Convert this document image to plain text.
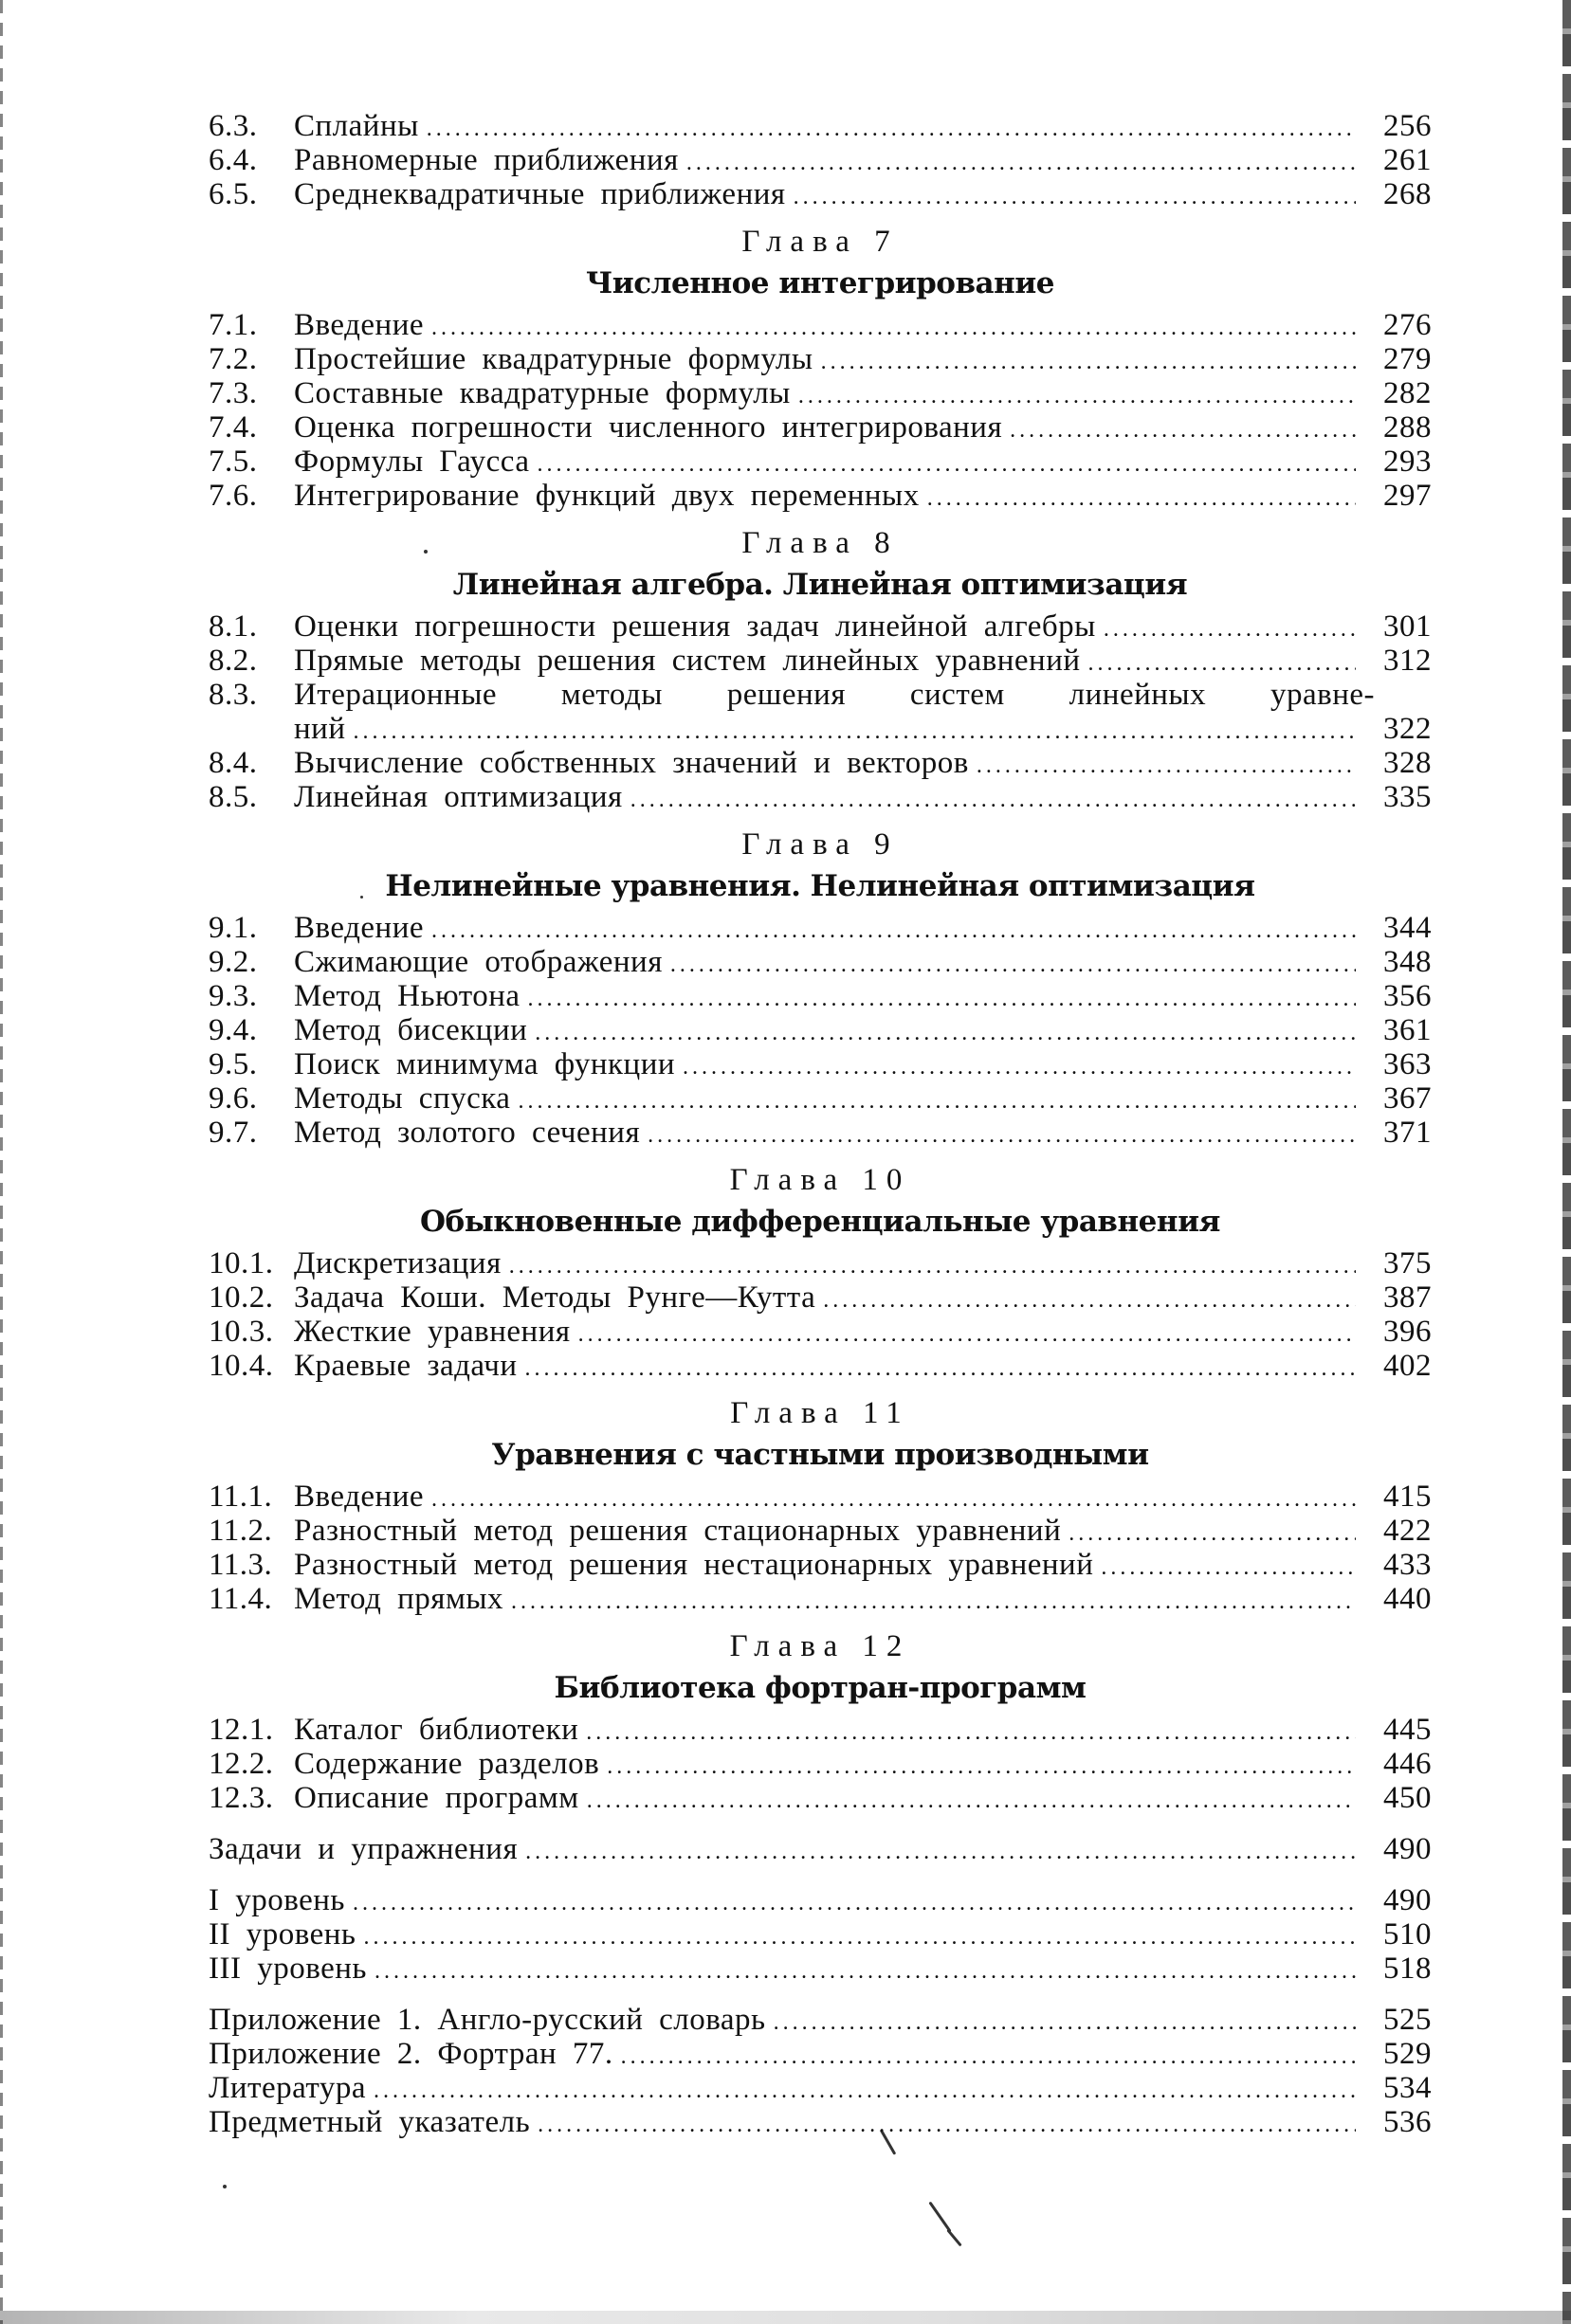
6.3.	Сплайны . . .	256
6.4.	Равномерные приближения . . .	261
6.5.	Среднеквадратичные приближения . . .	268
Глава 7
Численное интегрирование
7.1.	Введение . . .	276
7.2.	Простейшие квадратурные формулы . . .	279
7.3.	Составные квадратурные формулы . . .	282
7.4.	Оценка погрешности численного интегрирования . . .	288
7.5.	Формулы Гаусса . . .	293
7.6.	Интегрирование функций двух переменных . . .	297
Глава 8
Линейная алгебра. Линейная оптимизация
8.1.	Оценки погрешности решения задач линейной алгебры . . .	301
8.2.	Прямые методы решения систем линейных уравнений . . .	312
8.3.	Итерационные методы решения систем линейных уравне-
ний . . .	322
8.4.	Вычисление собственных значений и векторов . . .	328
8.5.	Линейная оптимизация . . .	335
Глава 9
Нелинейные уравнения. Нелинейная оптимизация
9.1.	Введение . . .	344
9.2.	Сжимающие отображения . . .	348
9.3.	Метод Ньютона . . .	356
9.4.	Метод бисекции . . .	361
9.5.	Поиск минимума функции . . .	363
9.6.	Методы спуска . . .	367
9.7.	Метод золотого сечения . . .	371
Глава 10
Обыкновенные дифференциальные уравнения
10.1. Дискретизация . . .	375
10.2. Задача Коши. Методы Рунге—Кутта . . .	387
10.3. Жесткие уравнения . . .	396
10.4. Краевые задачи . . .	402
Глава 11
Уравнения с частными производными
11.1. Введение . . .	415
11.2. Разностный метод решения стационарных уравнений . . .	422
11.3. Разностный метод решения нестационарных уравнений . . .	433
11.4. Метод прямых . . .	440
Глава 12
Библиотека фортран-программ
12.1. Каталог библиотеки . . .	445
12.2. Содержание разделов . . .	446
12.3. Описание программ . . .	450
Задачи и упражнения . . .	490
I уровень . . .	490
II уровень . . .	510
III уровень . . .	518
Приложение 1. Англо-русский словарь . . .	525
Приложение 2. Фортран 77. . . .	529
Литература . . .	534
Предметный указатель . . .	536
